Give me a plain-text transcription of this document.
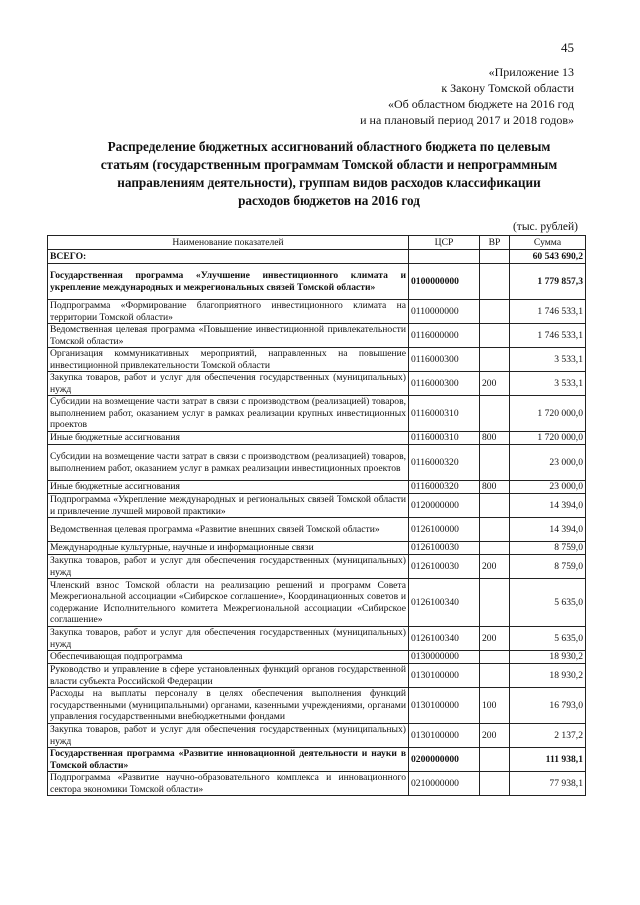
45
«Приложение 13
к Закону Томской области
«Об областном бюджете на 2016 год
и на плановый период 2017 и 2018 годов»
Распределение бюджетных ассигнований областного бюджета по целевым
статьям (государственным программам Томской области и непрограммным
направлениям деятельности), группам видов расходов классификации
расходов бюджетов на 2016 год
(тыс. рублей)
Наименование показателей	ЦСР	ВР	Сумма
ВСЕГО:			60 543 690,2
Государственная программа «Улучшение инвестиционного климата и укрепление международных и межрегиональных связей Томской области»	0100000000		1 779 857,3
Подпрограмма «Формирование благоприятного инвестиционного климата на территории Томской области»	0110000000		1 746 533,1
Ведомственная целевая программа «Повышение инвестиционной привлекательности Томской области»	0116000000		1 746 533,1
Организация коммуникативных мероприятий, направленных на повышение инвестиционной привлекательности Томской области	0116000300		3 533,1
Закупка товаров, работ и услуг для обеспечения государственных (муниципальных) нужд	0116000300	200	3 533,1
Субсидии на возмещение части затрат в связи с производством (реализацией) товаров, выполнением работ, оказанием услуг в рамках реализации крупных инвестиционных проектов	0116000310		1 720 000,0
Иные бюджетные ассигнования	0116000310	800	1 720 000,0
Субсидии на возмещение части затрат в связи с производством (реализацией) товаров, выполнением работ, оказанием услуг в рамках реализации инвестиционных проектов	0116000320		23 000,0
Иные бюджетные ассигнования	0116000320	800	23 000,0
Подпрограмма «Укрепление международных и региональных связей Томской области и привлечение лучшей мировой практики»	0120000000		14 394,0
Ведомственная целевая программа «Развитие внешних связей Томской области»	0126100000		14 394,0
Международные культурные, научные и информационные связи	0126100030		8 759,0
Закупка товаров, работ и услуг для обеспечения государственных (муниципальных) нужд	0126100030	200	8 759,0
Членский взнос Томской области на реализацию решений и программ Совета Межрегиональной ассоциации «Сибирское соглашение», Координационных советов и содержание Исполнительного комитета Межрегиональной ассоциации «Сибирское соглашение»	0126100340		5 635,0
Закупка товаров, работ и услуг для обеспечения государственных (муниципальных) нужд	0126100340	200	5 635,0
Обеспечивающая подпрограмма	0130000000		18 930,2
Руководство и управление в сфере установленных функций органов государственной власти субъекта Российской Федерации	0130100000		18 930,2
Расходы на выплаты персоналу в целях обеспечения выполнения функций государственными (муниципальными) органами, казенными учреждениями, органами управления государственными внебюджетными фондами	0130100000	100	16 793,0
Закупка товаров, работ и услуг для обеспечения государственных (муниципальных) нужд	0130100000	200	2 137,2
Государственная программа «Развитие инновационной деятельности и науки в Томской области»	0200000000		111 938,1
Подпрограмма «Развитие научно-образовательного комплекса и инновационного сектора экономики Томской области»	0210000000		77 938,1
